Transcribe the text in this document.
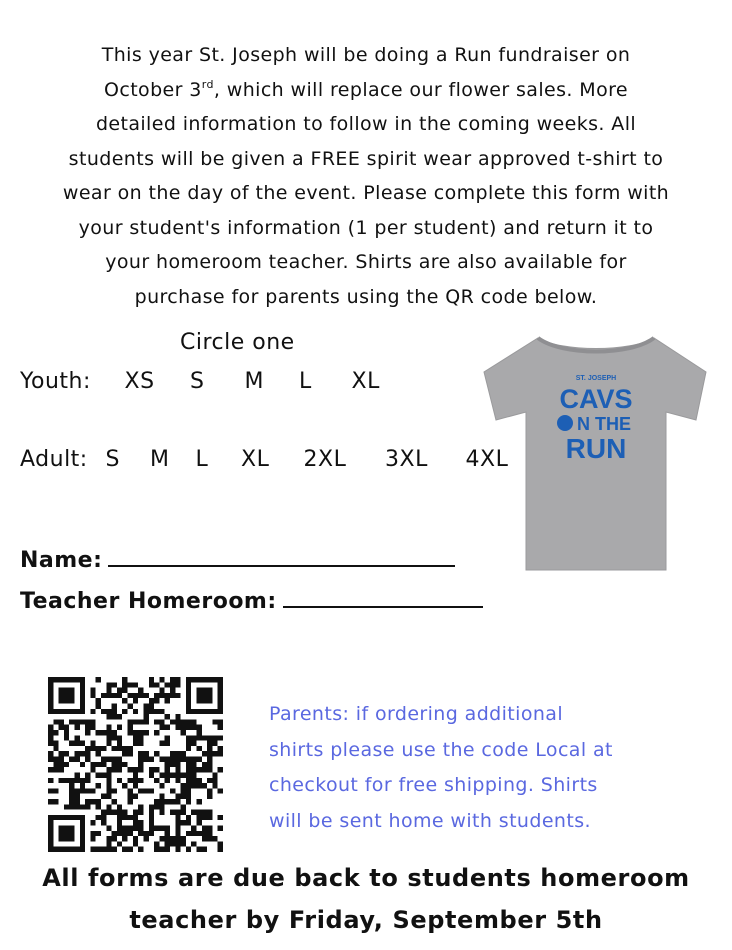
This year St. Joseph will be doing a Run fundraiser on
October 3rd, which will replace our flower sales. More
detailed information to follow in the coming weeks. All
students will be given a FREE spirit wear approved t-shirt to
wear on the day of the event. Please complete this form with
your student's information (1 per student) and return it to
your homeroom teacher. Shirts are also available for
purchase for parents using the QR code below.

Circle one
Youth: XS S M L XL
Adult: S M L XL 2XL 3XL 4XL
Name:
Teacher Homeroom:
ST. JOSEPH
CAVS
N THE
RUN

Parents: if ordering additional
shirts please use the code Local at
checkout for free shipping. Shirts
will be sent home with students.

All forms are due back to students homeroom
teacher by Friday, September 5th
